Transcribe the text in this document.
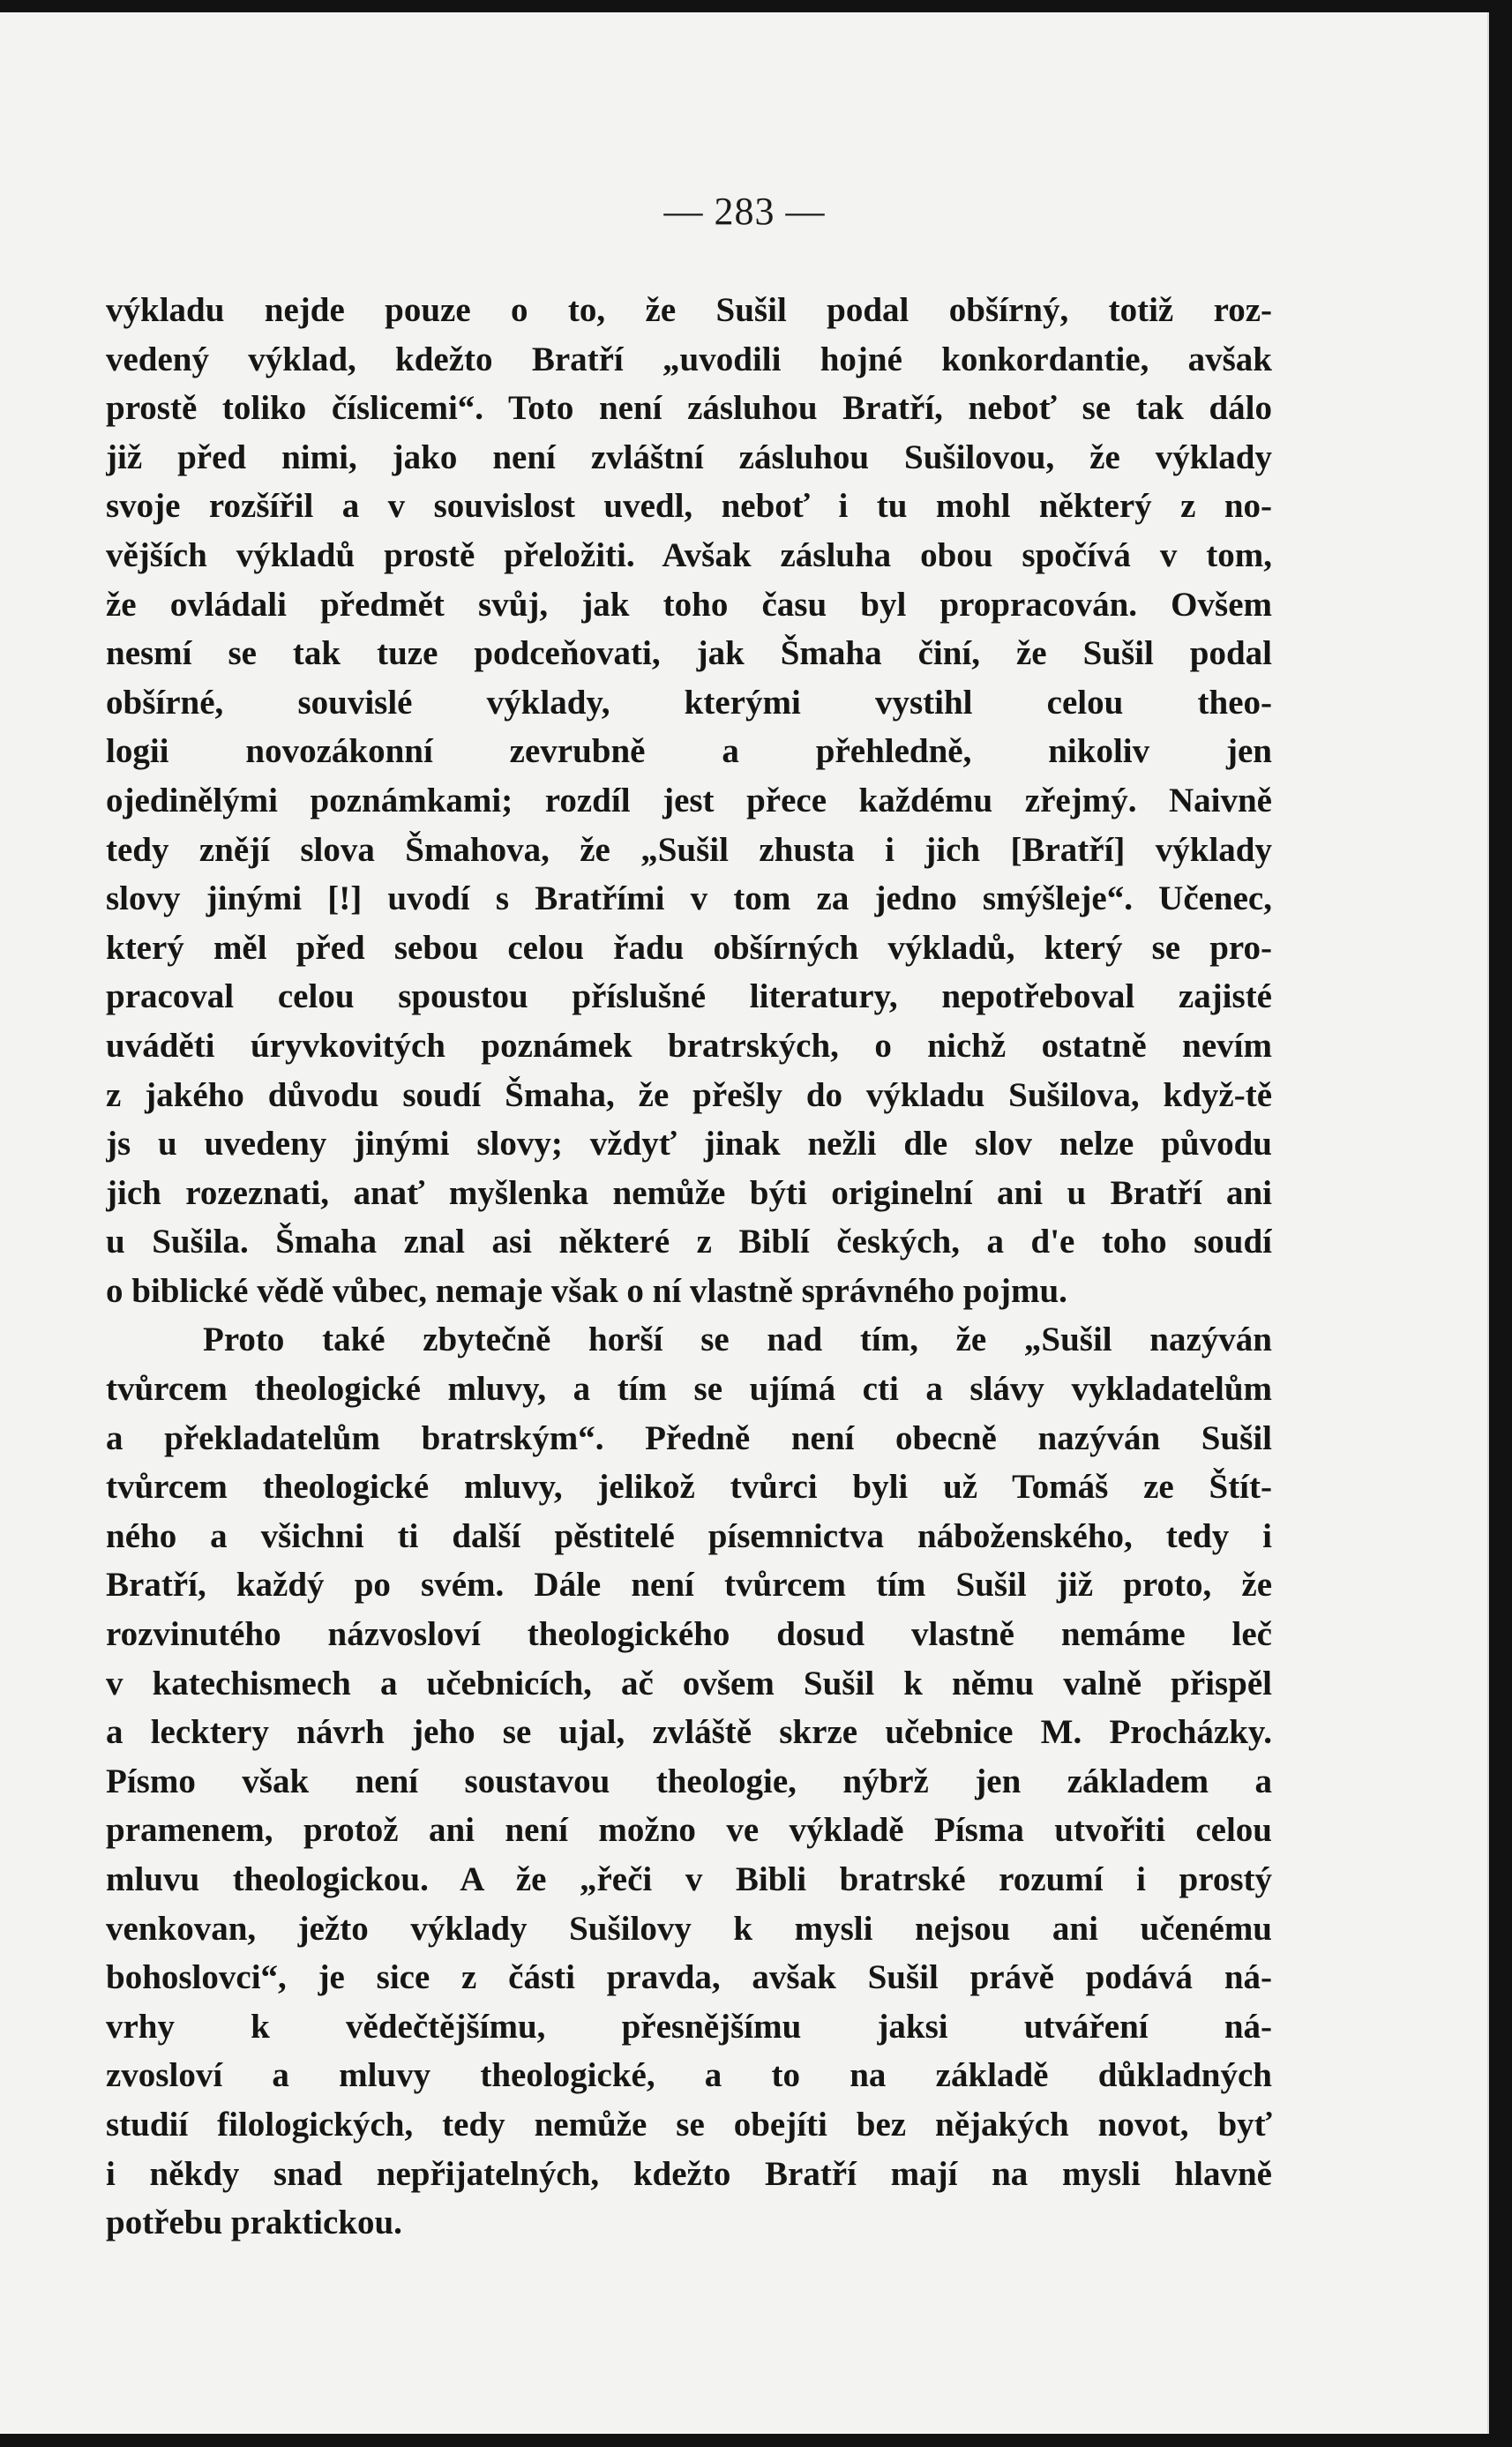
— 283 —
výkladu nejde pouze o to, že Sušil podal obšírný, totiž roz-
vedený výklad, kdežto Bratří „uvodili hojné konkordantie, avšak
prostě toliko číslicemi“. Toto není zásluhou Bratří, neboť se tak dálo
již před nimi, jako není zvláštní zásluhou Sušilovou, že výklady
svoje rozšířil a v souvislost uvedl, neboť i tu mohl některý z no-
vějších výkladů prostě přeložiti. Avšak zásluha obou spočívá v tom,
že ovládali předmět svůj, jak toho času byl propracován. Ovšem
nesmí se tak tuze podceňovati, jak Šmaha činí, že Sušil podal
obšírné, souvislé výklady, kterými vystihl celou theo-
logii novozákonní zevrubně a přehledně, nikoliv jen
ojedinělými poznámkami; rozdíl jest přece každému zřejmý. Naivně
tedy znějí slova Šmahova, že „Sušil zhusta i jich [Bratří] výklady
slovy jinými [!] uvodí s Bratřími v tom za jedno smýšleje“. Učenec,
který měl před sebou celou řadu obšírných výkladů, který se pro-
pracoval celou spoustou příslušné literatury, nepotřeboval zajisté
uváděti úryvkovitých poznámek bratrských, o nichž ostatně nevím
z jakého důvodu soudí Šmaha, že přešly do výkladu Sušilova, když-tě
js u uvedeny jinými slovy; vždyť jinak nežli dle slov nelze původu
jich rozeznati, anať myšlenka nemůže býti originelní ani u Bratří ani
u Sušila. Šmaha znal asi některé z Biblí českých, a d'e toho soudí
o biblické vědě vůbec, nemaje však o ní vlastně správného pojmu.
Proto také zbytečně horší se nad tím, že „Sušil nazýván
tvůrcem theologické mluvy, a tím se ujímá cti a slávy vykladatelům
a překladatelům bratrským“. Předně není obecně nazýván Sušil
tvůrcem theologické mluvy, jelikož tvůrci byli už Tomáš ze Štít-
ného a všichni ti další pěstitelé písemnictva náboženského, tedy i
Bratří, každý po svém. Dále není tvůrcem tím Sušil již proto, že
rozvinutého názvosloví theologického dosud vlastně nemáme leč
v katechismech a učebnicích, ač ovšem Sušil k němu valně přispěl
a lecktery návrh jeho se ujal, zvláště skrze učebnice M. Procházky.
Písmo však není soustavou theologie, nýbrž jen základem a
pramenem, protož ani není možno ve výkladě Písma utvořiti celou
mluvu theologickou. A že „řeči v Bibli bratrské rozumí i prostý
venkovan, ježto výklady Sušilovy k mysli nejsou ani učenému
bohoslovci“, je sice z části pravda, avšak Sušil právě podává ná-
vrhy k vědečtějšímu, přesnějšímu jaksi utváření ná-
zvosloví a mluvy theologické, a to na základě důkladných
studií filologických, tedy nemůže se obejíti bez nějakých novot, byť
i někdy snad nepřijatelných, kdežto Bratří mají na mysli hlavně
potřebu praktickou.
